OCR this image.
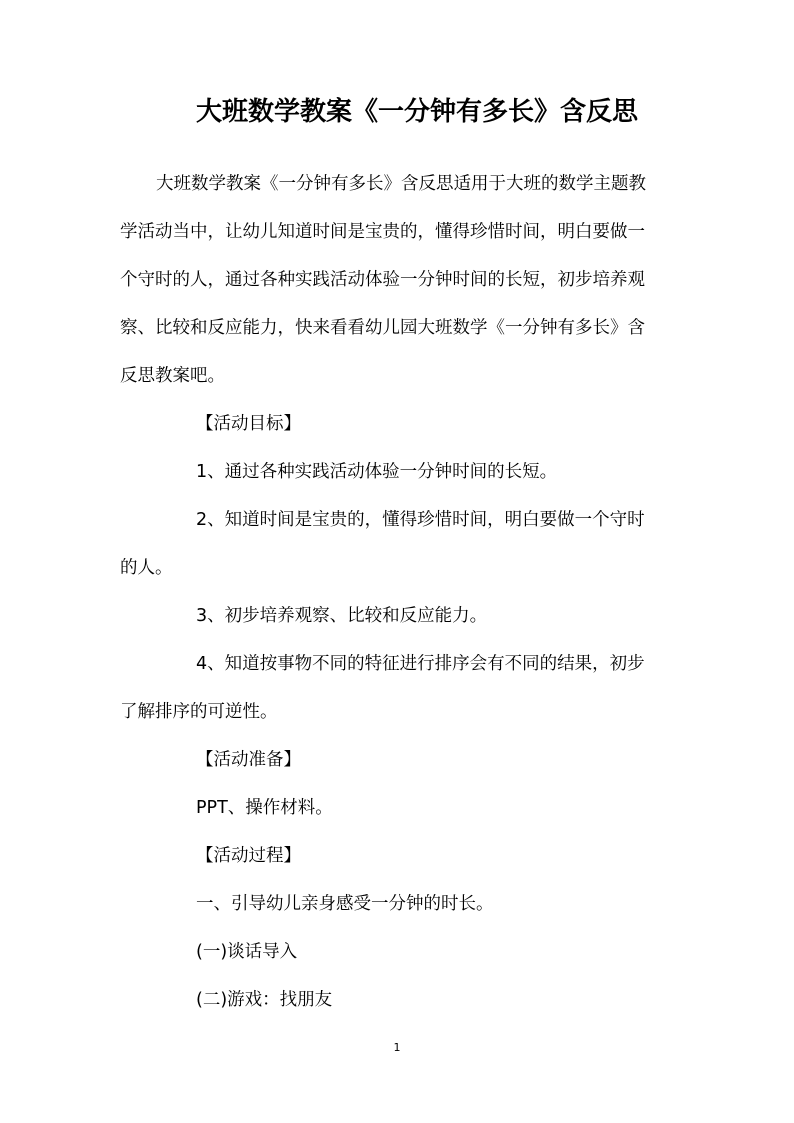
大班数学教案《一分钟有多长》含反思
大班数学教案《一分钟有多长》含反思适用于大班的数学主题教
学活动当中，让幼儿知道时间是宝贵的，懂得珍惜时间，明白要做一
个守时的人，通过各种实践活动体验一分钟时间的长短，初步培养观
察、比较和反应能力，快来看看幼儿园大班数学《一分钟有多长》含
反思教案吧。
【活动目标】
1、通过各种实践活动体验一分钟时间的长短。
2、知道时间是宝贵的，懂得珍惜时间，明白要做一个守时
的人。
3、初步培养观察、比较和反应能力。
4、知道按事物不同的特征进行排序会有不同的结果，初步
了解排序的可逆性。
【活动准备】
PPT、操作材料。
【活动过程】
一、引导幼儿亲身感受一分钟的时长。
(一)谈话导入
(二)游戏：找朋友
1
